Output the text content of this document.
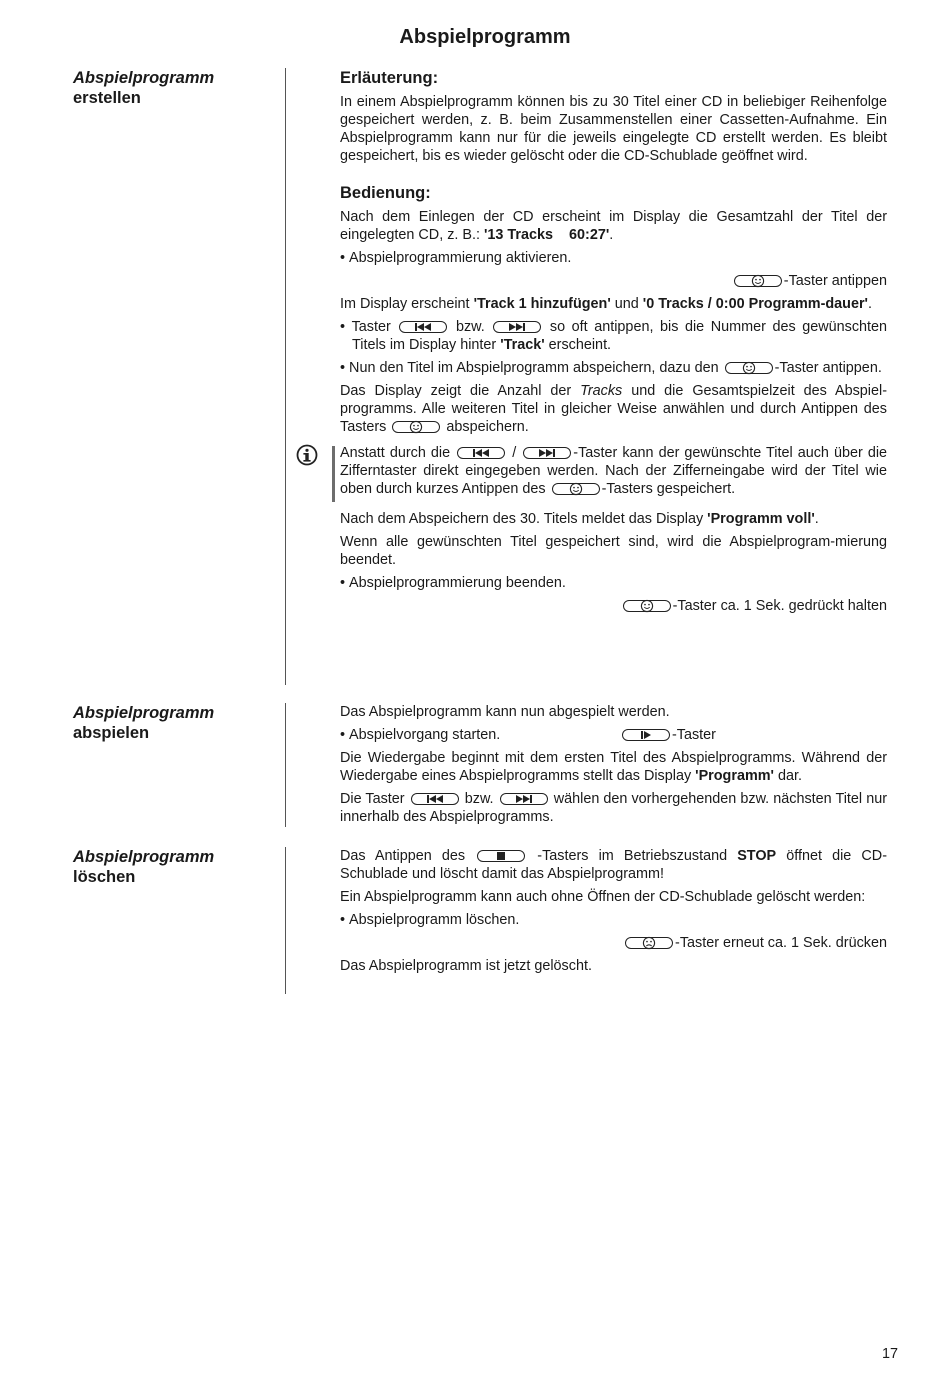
Abspielprogramm
Abspielprogramm
erstellen
Erläuterung:

In einem Abspielprogramm können bis zu 30 Titel einer CD in beliebiger Reihenfolge gespeichert werden, z. B. beim Zusammenstellen einer Cassetten-Aufnahme. Ein Abspielprogramm kann nur für die jeweils eingelegte CD erstellt werden. Es bleibt gespeichert, bis es wieder gelöscht oder die CD-Schublade geöffnet wird.

Bedienung:

Nach dem Einlegen der CD erscheint im Display die Gesamtzahl der Titel der eingelegten CD, z. B.: '13 Tracks    60:27'.

• Abspielprogrammierung aktivieren.

-Taster antippen

Im Display erscheint 'Track 1 hinzufügen' und '0 Tracks / 0:00 Programm-dauer'.

• Taster	bzw.	so oft antippen, bis die Nummer des gewünschten Titels im Display hinter 'Track' erscheint.

• Nun den Titel im Abspielprogramm abspeichern, dazu den	-Taster antippen.

Das Display zeigt die Anzahl der Tracks und die Gesamtspielzeit des Abspiel-programms. Alle weiteren Titel in gleicher Weise anwählen und durch Antippen des Tasters	abspeichern.

Anstatt durch die	/	-Taster kann der gewünschte Titel auch über die Zifferntaster direkt eingegeben werden. Nach der Zifferneingabe wird der Titel wie oben durch kurzes Antippen des	-Tasters gespeichert.

Nach dem Abspeichern des 30. Titels meldet das Display 'Programm voll'.

Wenn alle gewünschten Titel gespeichert sind, wird die Abspielprogram-mierung beendet.

• Abspielprogrammierung beenden.

-Taster ca. 1 Sek. gedrückt halten

Abspielprogramm
abspielen

Das Abspielprogramm kann nun abgespielt werden.

• Abspielvorgang starten.	-Taster

Die Wiedergabe beginnt mit dem ersten Titel des Abspielprogramms. Während der Wiedergabe eines Abspielprogramms stellt das Display 'Programm' dar.

Die Taster	bzw.	wählen den vorhergehenden bzw. nächsten Titel nur innerhalb des Abspielprogramms.

Abspielprogramm
löschen

Das Antippen des	-Tasters im Betriebszustand STOP öffnet die CD-Schublade und löscht damit das Abspielprogramm!

Ein Abspielprogramm kann auch ohne Öffnen der CD-Schublade gelöscht werden:

• Abspielprogramm löschen.

-Taster erneut ca. 1 Sek. drücken

Das Abspielprogramm ist jetzt gelöscht.

17
